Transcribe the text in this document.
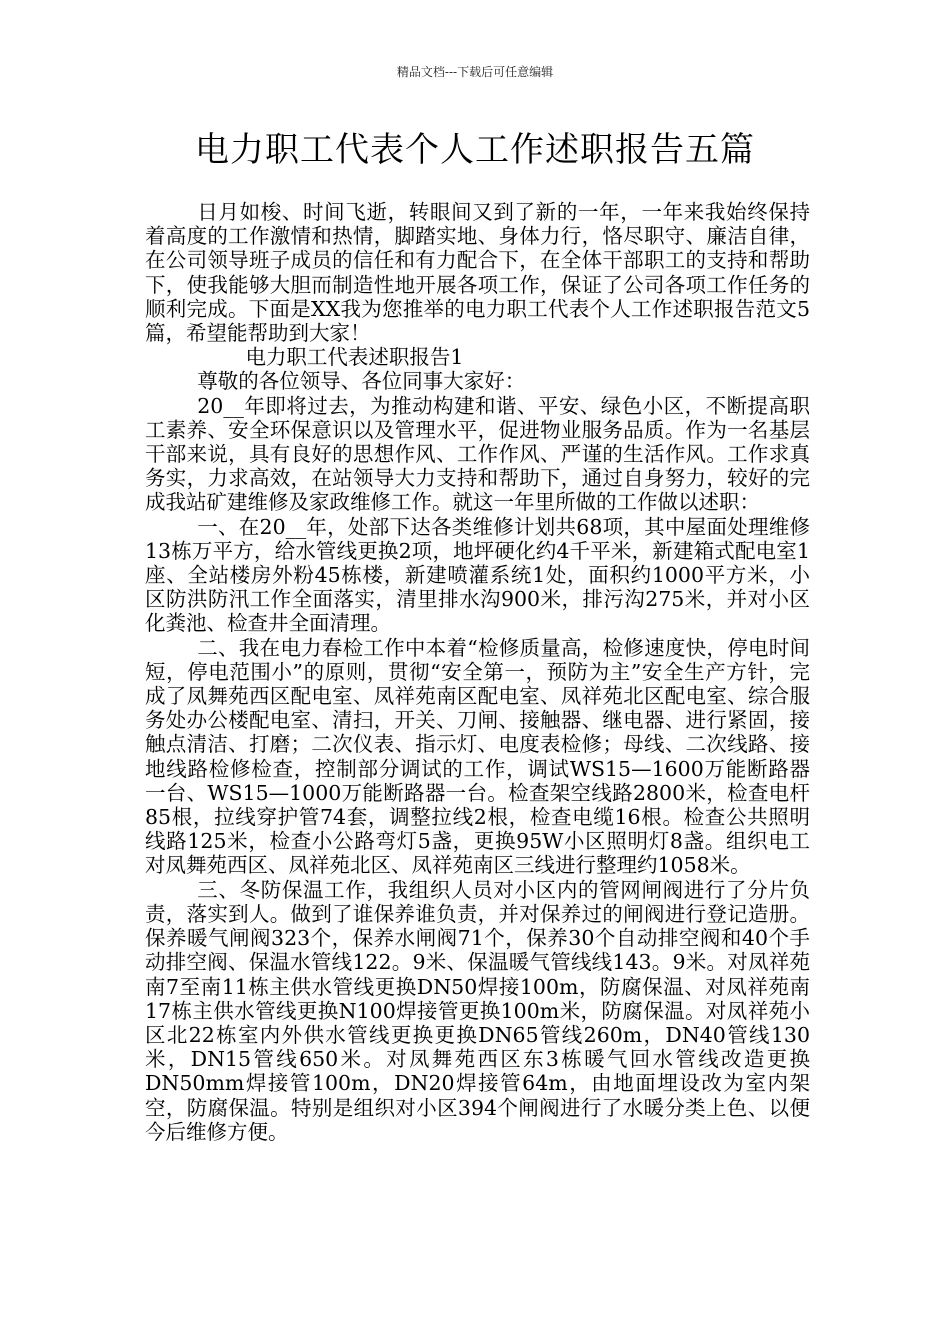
精品文档---下载后可任意编辑
电力职工代表个人工作述职报告五篇

日月如梭、时间飞逝，转眼间又到了新的一年，一年来我始终保持着高度的工作激情和热情，脚踏实地、身体力行，恪尽职守、廉洁自律，在公司领导班子成员的信任和有力配合下，在全体干部职工的支持和帮助下，使我能够大胆而制造性地开展各项工作，保证了公司各项工作任务的顺利完成。下面是XX我为您推举的电力职工代表个人工作述职报告范文5篇，希望能帮助到大家！

电力职工代表述职报告1

尊敬的各位领导、各位同事大家好：

20__年即将过去，为推动构建和谐、平安、绿色小区，不断提高职工素养、安全环保意识以及管理水平，促进物业服务品质。作为一名基层干部来说，具有良好的思想作风、工作作风、严谨的生活作风。工作求真务实，力求高效，在站领导大力支持和帮助下，通过自身努力，较好的完成我站矿建维修及家政维修工作。就这一年里所做的工作做以述职：

一、在20__年，处部下达各类维修计划共68项，其中屋面处理维修13栋万平方，给水管线更换2项，地坪硬化约4千平米，新建箱式配电室1座、全站楼房外粉45栋楼，新建喷灌系统1处，面积约1000平方米，小区防洪防汛工作全面落实，清里排水沟900米，排污沟275米，并对小区化粪池、检查井全面清理。

二、我在电力春检工作中本着“检修质量高，检修速度快，停电时间短，停电范围小”的原则，贯彻“安全第一，预防为主”安全生产方针，完成了凤舞苑西区配电室、凤祥苑南区配电室、凤祥苑北区配电室、综合服务处办公楼配电室、清扫，开关、刀闸、接触器、继电器、进行紧固，接触点清洁、打磨；二次仪表、指示灯、电度表检修；母线、二次线路、接地线路检修检查，控制部分调试的工作，调试WS15—1600万能断路器一台、WS15—1000万能断路器一台。检查架空线路2800米，检查电杆85根，拉线穿护管74套，调整拉线2根，检查电缆16根。检查公共照明线路125米，检查小公路弯灯5盏，更换95W小区照明灯8盏。组织电工对凤舞苑西区、凤祥苑北区、凤祥苑南区三线进行整理约1058米。

三、冬防保温工作，我组织人员对小区内的管网闸阀进行了分片负责，落实到人。做到了谁保养谁负责，并对保养过的闸阀进行登记造册。保养暖气闸阀323个，保养水闸阀71个，保养30个自动排空阀和40个手动排空阀、保温水管线122。9米、保温暖气管线线143。9米。对凤祥苑南7至南11栋主供水管线更换DN50焊接100m，防腐保温、对凤祥苑南17栋主供水管线更换N100焊接管更换100m米，防腐保温。对凤祥苑小区北22栋室内外供水管线更换更换DN65管线260m，DN40管线130米，DN15管线650米。对凤舞苑西区东3栋暖气回水管线改造更换DN50mm焊接管100m，DN20焊接管64m，由地面埋设改为室内架空，防腐保温。特别是组织对小区394个闸阀进行了水暖分类上色、以便今后维修方便。
